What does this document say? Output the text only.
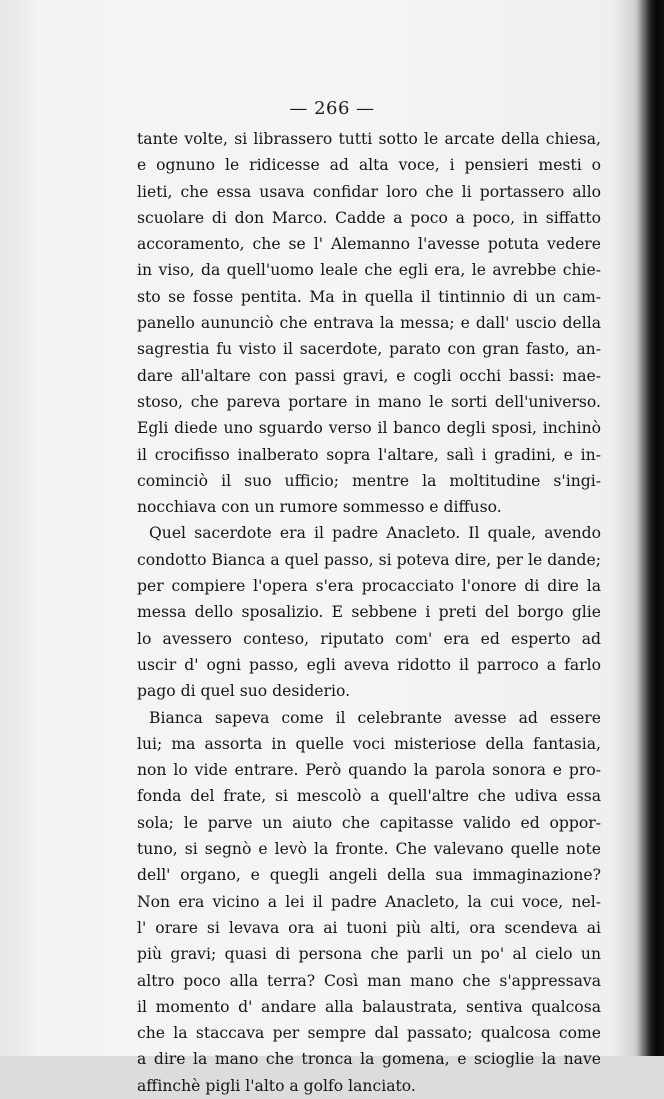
— 266 —
tante volte, si librassero tutti sotto le arcate della chiesa,
e ognuno le ridicesse ad alta voce, i pensieri mesti o
lieti, che essa usava confidar loro che li portassero allo
scuolare di don Marco. Cadde a poco a poco, in siffatto
accoramento, che se l' Alemanno l'avesse potuta vedere
in viso, da quell'uomo leale che egli era, le avrebbe chie-
sto se fosse pentita. Ma in quella il tintinnio di un cam-
panello aununciò che entrava la messa; e dall' uscio della
sagrestia fu visto il sacerdote, parato con gran fasto, an-
dare all'altare con passi gravi, e cogli occhi bassi: mae-
stoso, che pareva portare in mano le sorti dell'universo.
Egli diede uno sguardo verso il banco degli sposi, inchinò
il crocifisso inalberato sopra l'altare, salì i gradini, e in-
cominciò il suo ufficio; mentre la moltitudine s'ingi-
nocchiava con un rumore sommesso e diffuso.
Quel sacerdote era il padre Anacleto. Il quale, avendo
condotto Bianca a quel passo, si poteva dire, per le dande;
per compiere l'opera s'era procacciato l'onore di dire la
messa dello sposalizio. E sebbene i preti del borgo glie
lo avessero conteso, riputato com' era ed esperto ad
uscir d' ogni passo, egli aveva ridotto il parroco a farlo
pago di quel suo desiderio.
Bianca sapeva come il celebrante avesse ad essere
lui; ma assorta in quelle voci misteriose della fantasia,
non lo vide entrare. Però quando la parola sonora e pro-
fonda del frate, si mescolò a quell'altre che udiva essa
sola; le parve un aiuto che capitasse valido ed oppor-
tuno, si segnò e levò la fronte. Che valevano quelle note
dell' organo, e quegli angeli della sua immaginazione?
Non era vicino a lei il padre Anacleto, la cui voce, nel-
l' orare si levava ora ai tuoni più alti, ora scendeva ai
più gravi; quasi di persona che parli un po' al cielo un
altro poco alla terra? Così man mano che s'appressava
il momento d' andare alla balaustrata, sentiva qualcosa
che la staccava per sempre dal passato; qualcosa come
a dire la mano che tronca la gomena, e scioglie la nave
affinchè pigli l'alto a golfo lanciato.
